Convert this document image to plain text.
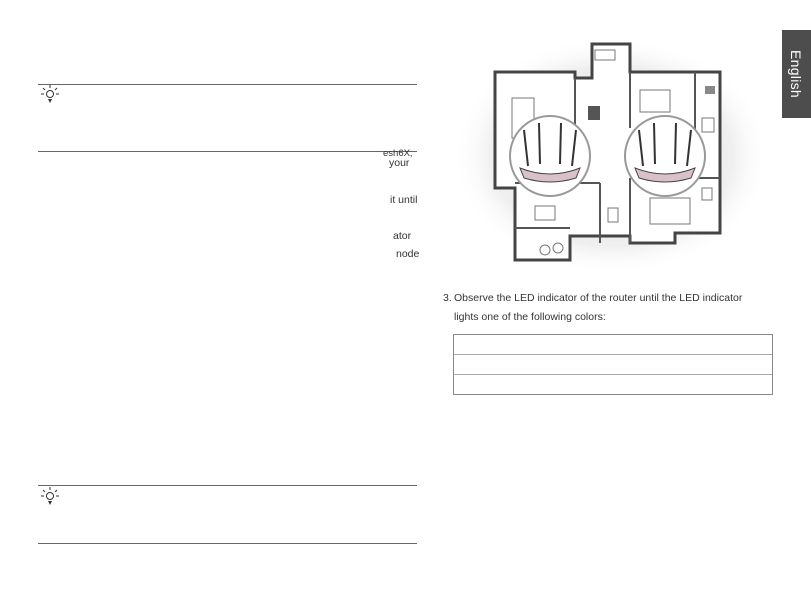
English
esh6X,
your
it until
ator
node
3. Observe the LED indicator of the router until the LED indicator
lights one of the following colors:
